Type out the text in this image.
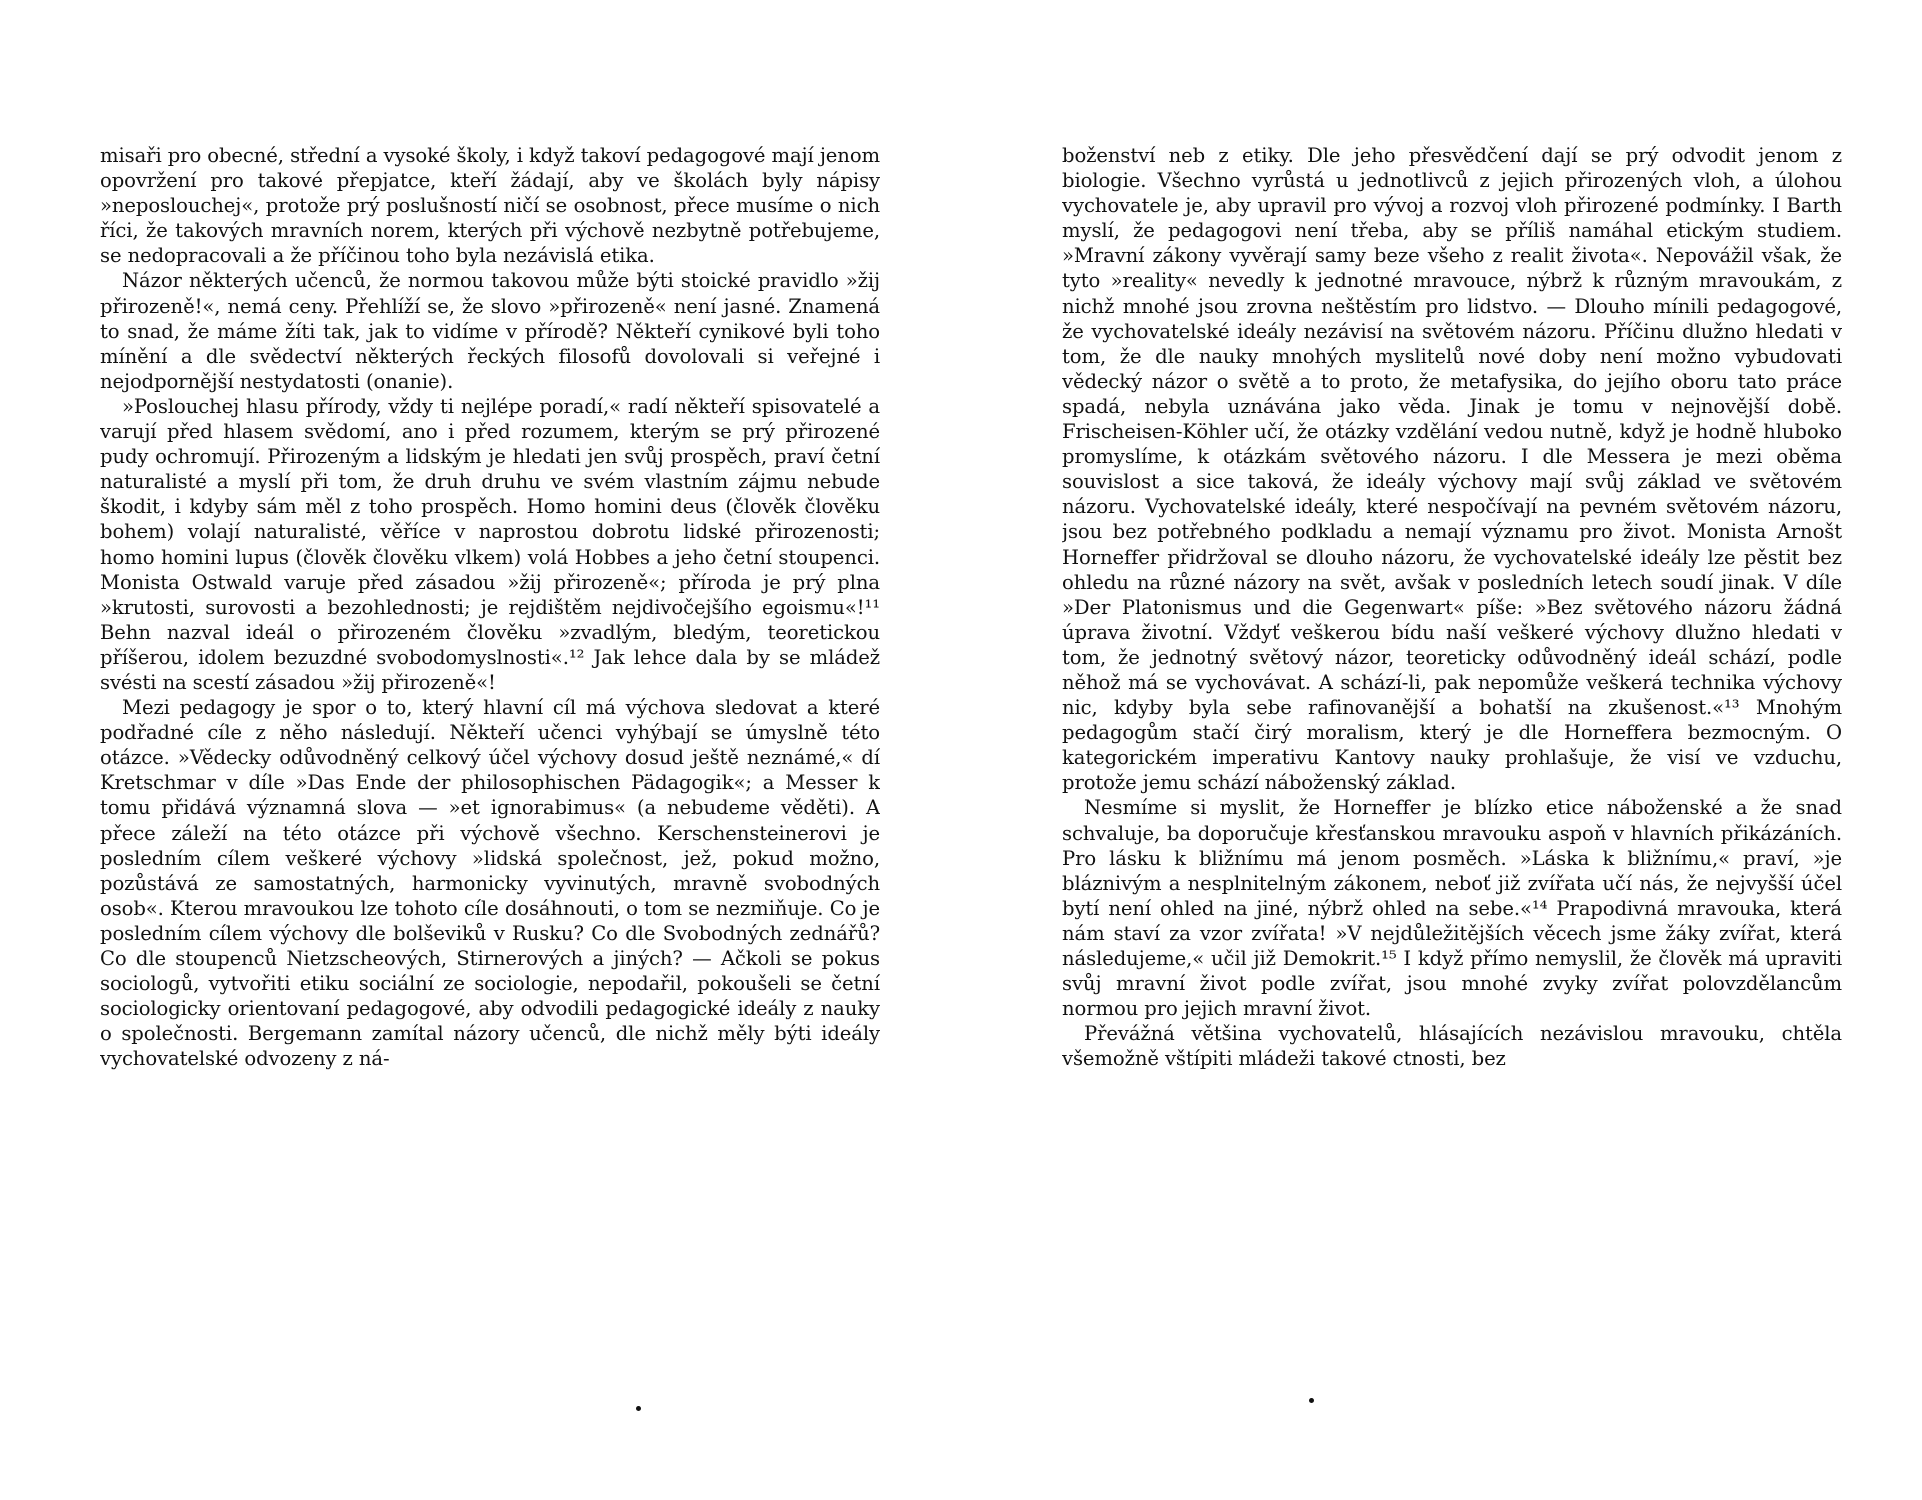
misaři pro obecné, střední a vysoké školy, i když takoví pedagogové mají jenom opovržení pro takové přepjatce, kteří žádají, aby ve školách byly nápisy »neposlouchej«, protože prý poslušností ničí se osobnost, přece musíme o nich říci, že takových mravních norem, kterých při výchově nezbytně potřebujeme, se nedopracovali a že příčinou toho byla nezávislá etika.

Názor některých učenců, že normou takovou může býti stoické pravidlo »žij přirozeně!«, nemá ceny. Přehlíží se, že slovo »přirozeně« není jasné. Znamená to snad, že máme žíti tak, jak to vidíme v přírodě? Někteří cynikové byli toho mínění a dle svědectví některých řeckých filosofů dovolovali si veřejné i nejodpornější nestydatosti (onanie).

»Poslouchej hlasu přírody, vždy ti nejlépe poradí,« radí někteří spisovatelé a varují před hlasem svědomí, ano i před rozumem, kterým se prý přirozené pudy ochromují. Přirozeným a lidským je hledati jen svůj prospěch, praví četní naturalisté a myslí při tom, že druh druhu ve svém vlastním zájmu nebude škodit, i kdyby sám měl z toho prospěch. Homo homini deus (člověk člověku bohem) volají naturalisté, věříce v naprostou dobrotu lidské přirozenosti; homo homini lupus (člověk člověku vlkem) volá Hobbes a jeho četní stoupenci. Monista Ostwald varuje před zásadou »žij přirozeně«; příroda je prý plna »krutosti, surovosti a bezohlednosti; je rejdištěm nejdivočejšího egoismu«!¹¹ Behn nazval ideál o přirozeném člověku »zvadlým, bledým, teoretickou příšerou, idolem bezuzdné svobodomyslnosti«.¹² Jak lehce dala by se mládež svésti na scestí zásadou »žij přirozeně«!

Mezi pedagogy je spor o to, který hlavní cíl má výchova sledovat a které podřadné cíle z něho následují. Někteří učenci vyhýbají se úmyslně této otázce. »Vědecky odůvodněný celkový účel výchovy dosud ještě neznámé,« dí Kretschmar v díle »Das Ende der philosophischen Pädagogik«; a Messer k tomu přidává významná slova — »et ignorabimus« (a nebudeme věděti). A přece záleží na této otázce při výchově všechno. Kerschensteinerovi je posledním cílem veškeré výchovy »lidská společnost, jež, pokud možno, pozůstává ze samostatných, harmonicky vyvinutých, mravně svobodných osob«. Kterou mravoukou lze tohoto cíle dosáhnouti, o tom se nezmiňuje. Co je posledním cílem výchovy dle bolševiků v Rusku? Co dle Svobodných zednářů? Co dle stoupenců Nietzscheových, Stirnerových a jiných? — Ačkoli se pokus sociologů, vytvořiti etiku sociální ze sociologie, nepodařil, pokoušeli se četní sociologicky orientovaní pedagogové, aby odvodili pedagogické ideály z nauky o společnosti. Bergemann zamítal názory učenců, dle nichž měly býti ideály vychovatelské odvozeny z ná-

boženství neb z etiky. Dle jeho přesvědčení dají se prý odvodit jenom z biologie. Všechno vyrůstá u jednotlivců z jejich přirozených vloh, a úlohou vychovatele je, aby upravil pro vývoj a rozvoj vloh přirozené podmínky. I Barth myslí, že pedagogovi není třeba, aby se příliš namáhal etickým studiem. »Mravní zákony vyvěrají samy beze všeho z realit života«. Nepovážil však, že tyto »reality« nevedly k jednotné mravouce, nýbrž k různým mravoukám, z nichž mnohé jsou zrovna neštěstím pro lidstvo. — Dlouho mínili pedagogové, že vychovatelské ideály nezávisí na světovém názoru. Příčinu dlužno hledati v tom, že dle nauky mnohých myslitelů nové doby není možno vybudovati vědecký názor o světě a to proto, že metafysika, do jejího oboru tato práce spadá, nebyla uznávána jako věda. Jinak je tomu v nejnovější době. Frischeisen-Köhler učí, že otázky vzdělání vedou nutně, když je hodně hluboko promyslíme, k otázkám světového názoru. I dle Messera je mezi oběma souvislost a sice taková, že ideály výchovy mají svůj základ ve světovém názoru. Vychovatelské ideály, které nespočívají na pevném světovém názoru, jsou bez potřebného podkladu a nemají významu pro život. Monista Arnošt Horneffer přidržoval se dlouho názoru, že vychovatelské ideály lze pěstit bez ohledu na různé názory na svět, avšak v posledních letech soudí jinak. V díle »Der Platonismus und die Gegenwart« píše: »Bez světového názoru žádná úprava životní. Vždyť veškerou bídu naší veškeré výchovy dlužno hledati v tom, že jednotný světový názor, teoreticky odůvodněný ideál schází, podle něhož má se vychovávat. A schází-li, pak nepomůže veškerá technika výchovy nic, kdyby byla sebe rafinovanější a bohatší na zkušenost.«¹³ Mnohým pedagogům stačí čirý moralism, který je dle Hornefferа bezmocným. O kategorickém imperativu Kantovy nauky prohlašuje, že visí ve vzduchu, protože jemu schází náboženský základ.

Nesmíme si myslit, že Horneffer je blízko etice náboženské a že snad schvaluje, ba doporučuje křesťanskou mravouku aspoň v hlavních přikázáních. Pro lásku k bližnímu má jenom posměch. »Láska k bližnímu,« praví, »je bláznivým a nesplnitelným zákonem, neboť již zvířata učí nás, že nejvyšší účel bytí není ohled na jiné, nýbrž ohled na sebe.«¹⁴ Prapodivná mravouka, která nám staví za vzor zvířata! »V nejdůležitějších věcech jsme žáky zvířat, která následujeme,« učil již Demokrit.¹⁵ I když přímo nemyslil, že člověk má upraviti svůj mravní život podle zvířat, jsou mnohé zvyky zvířat polovzdělancům normou pro jejich mravní život.

Převážná většina vychovatelů, hlásajících nezávislou mravouku, chtěla všemožně vštípiti mládeži takové ctnosti, bez
